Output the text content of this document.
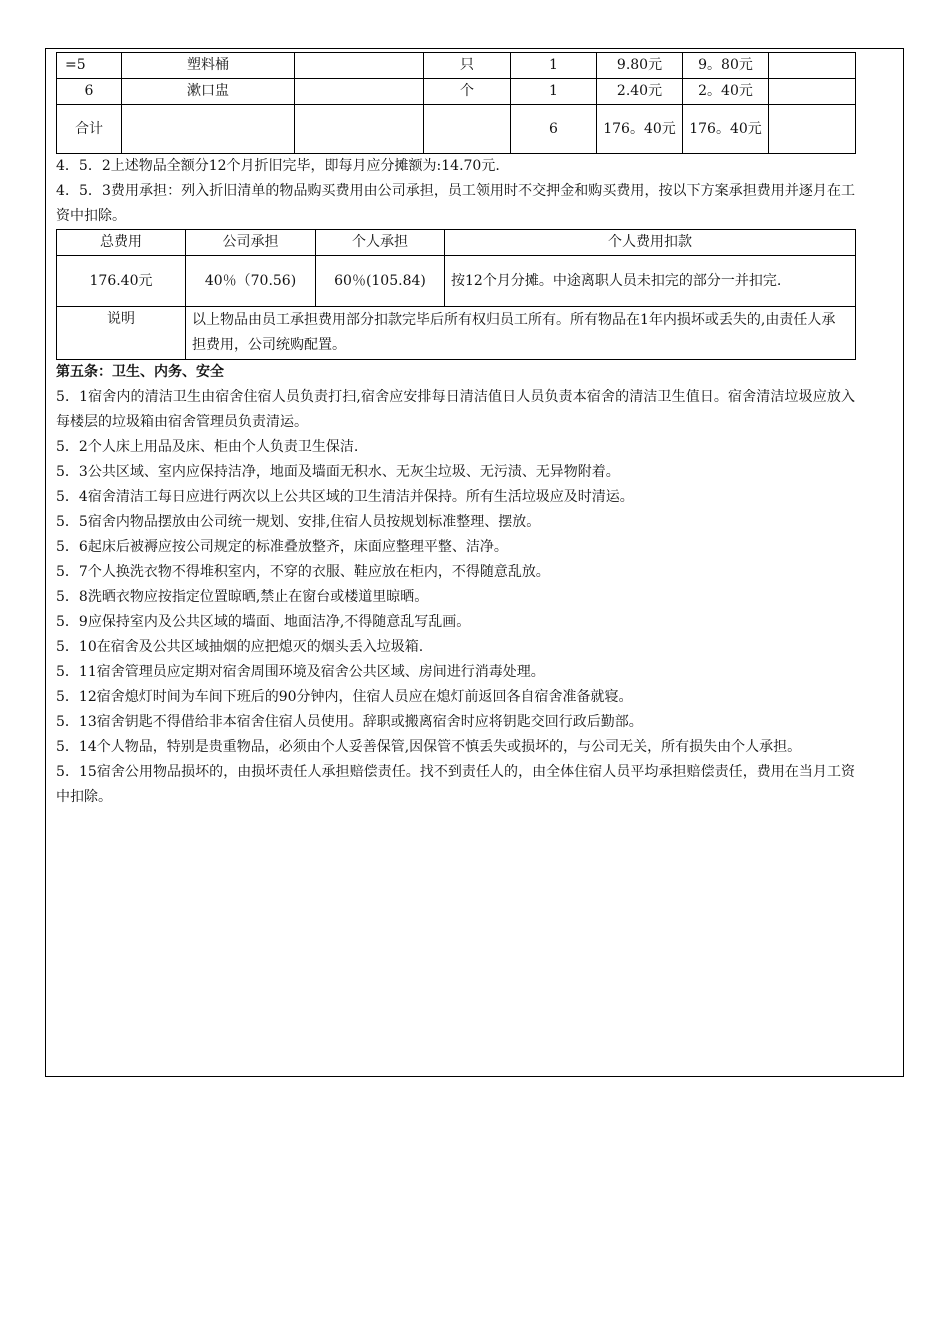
=5	塑料桶		只	1	9.80元	9。80元	
6	漱口盅		个	1	2.40元	2。40元	
合计				6	176。40元	176。40元	

4．5．2上述物品全额分12个月折旧完毕，即每月应分摊额为:14.70元.

4．5．3费用承担：列入折旧清单的物品购买费用由公司承担，员工领用时不交押金和购买费用，按以下方案承担费用并逐月在工资中扣除。

总费用	公司承担	个人承担	个人费用扣款
176.40元	40％（70.56)	60％(105.84)	按12个月分摊。中途离职人员未扣完的部分一并扣完.
说明	以上物品由员工承担费用部分扣款完毕后所有权归员工所有。所有物品在1年内损坏或丢失的,由责任人承担费用，公司统购配置。		

第五条：卫生、内务、安全

5．1宿舍内的清洁卫生由宿舍住宿人员负责打扫,宿舍应安排每日清洁值日人员负责本宿舍的清洁卫生值日。宿舍清洁垃圾应放入每楼层的垃圾箱由宿舍管理员负责清运。

5．2个人床上用品及床、柜由个人负责卫生保洁.

5．3公共区域、室内应保持洁净，地面及墙面无积水、无灰尘垃圾、无污渍、无异物附着。

5．4宿舍清洁工每日应进行两次以上公共区域的卫生清洁并保持。所有生活垃圾应及时清运。

5．5宿舍内物品摆放由公司统一规划、安排,住宿人员按规划标准整理、摆放。

5．6起床后被褥应按公司规定的标准叠放整齐，床面应整理平整、洁净。

5．7个人换洗衣物不得堆积室内，不穿的衣服、鞋应放在柜内，不得随意乱放。

5．8洗晒衣物应按指定位置晾晒,禁止在窗台或楼道里晾晒。

5．9应保持室内及公共区域的墙面、地面洁净,不得随意乱写乱画。

5．10在宿舍及公共区域抽烟的应把熄灭的烟头丢入垃圾箱.

5．11宿舍管理员应定期对宿舍周围环境及宿舍公共区域、房间进行消毒处理。

5．12宿舍熄灯时间为车间下班后的90分钟内，住宿人员应在熄灯前返回各自宿舍准备就寝。

5．13宿舍钥匙不得借给非本宿舍住宿人员使用。辞职或搬离宿舍时应将钥匙交回行政后勤部。

5．14个人物品，特别是贵重物品，必须由个人妥善保管,因保管不慎丢失或损坏的，与公司无关，所有损失由个人承担。

5．15宿舍公用物品损坏的，由损坏责任人承担赔偿责任。找不到责任人的，由全体住宿人员平均承担赔偿责任，费用在当月工资中扣除。
